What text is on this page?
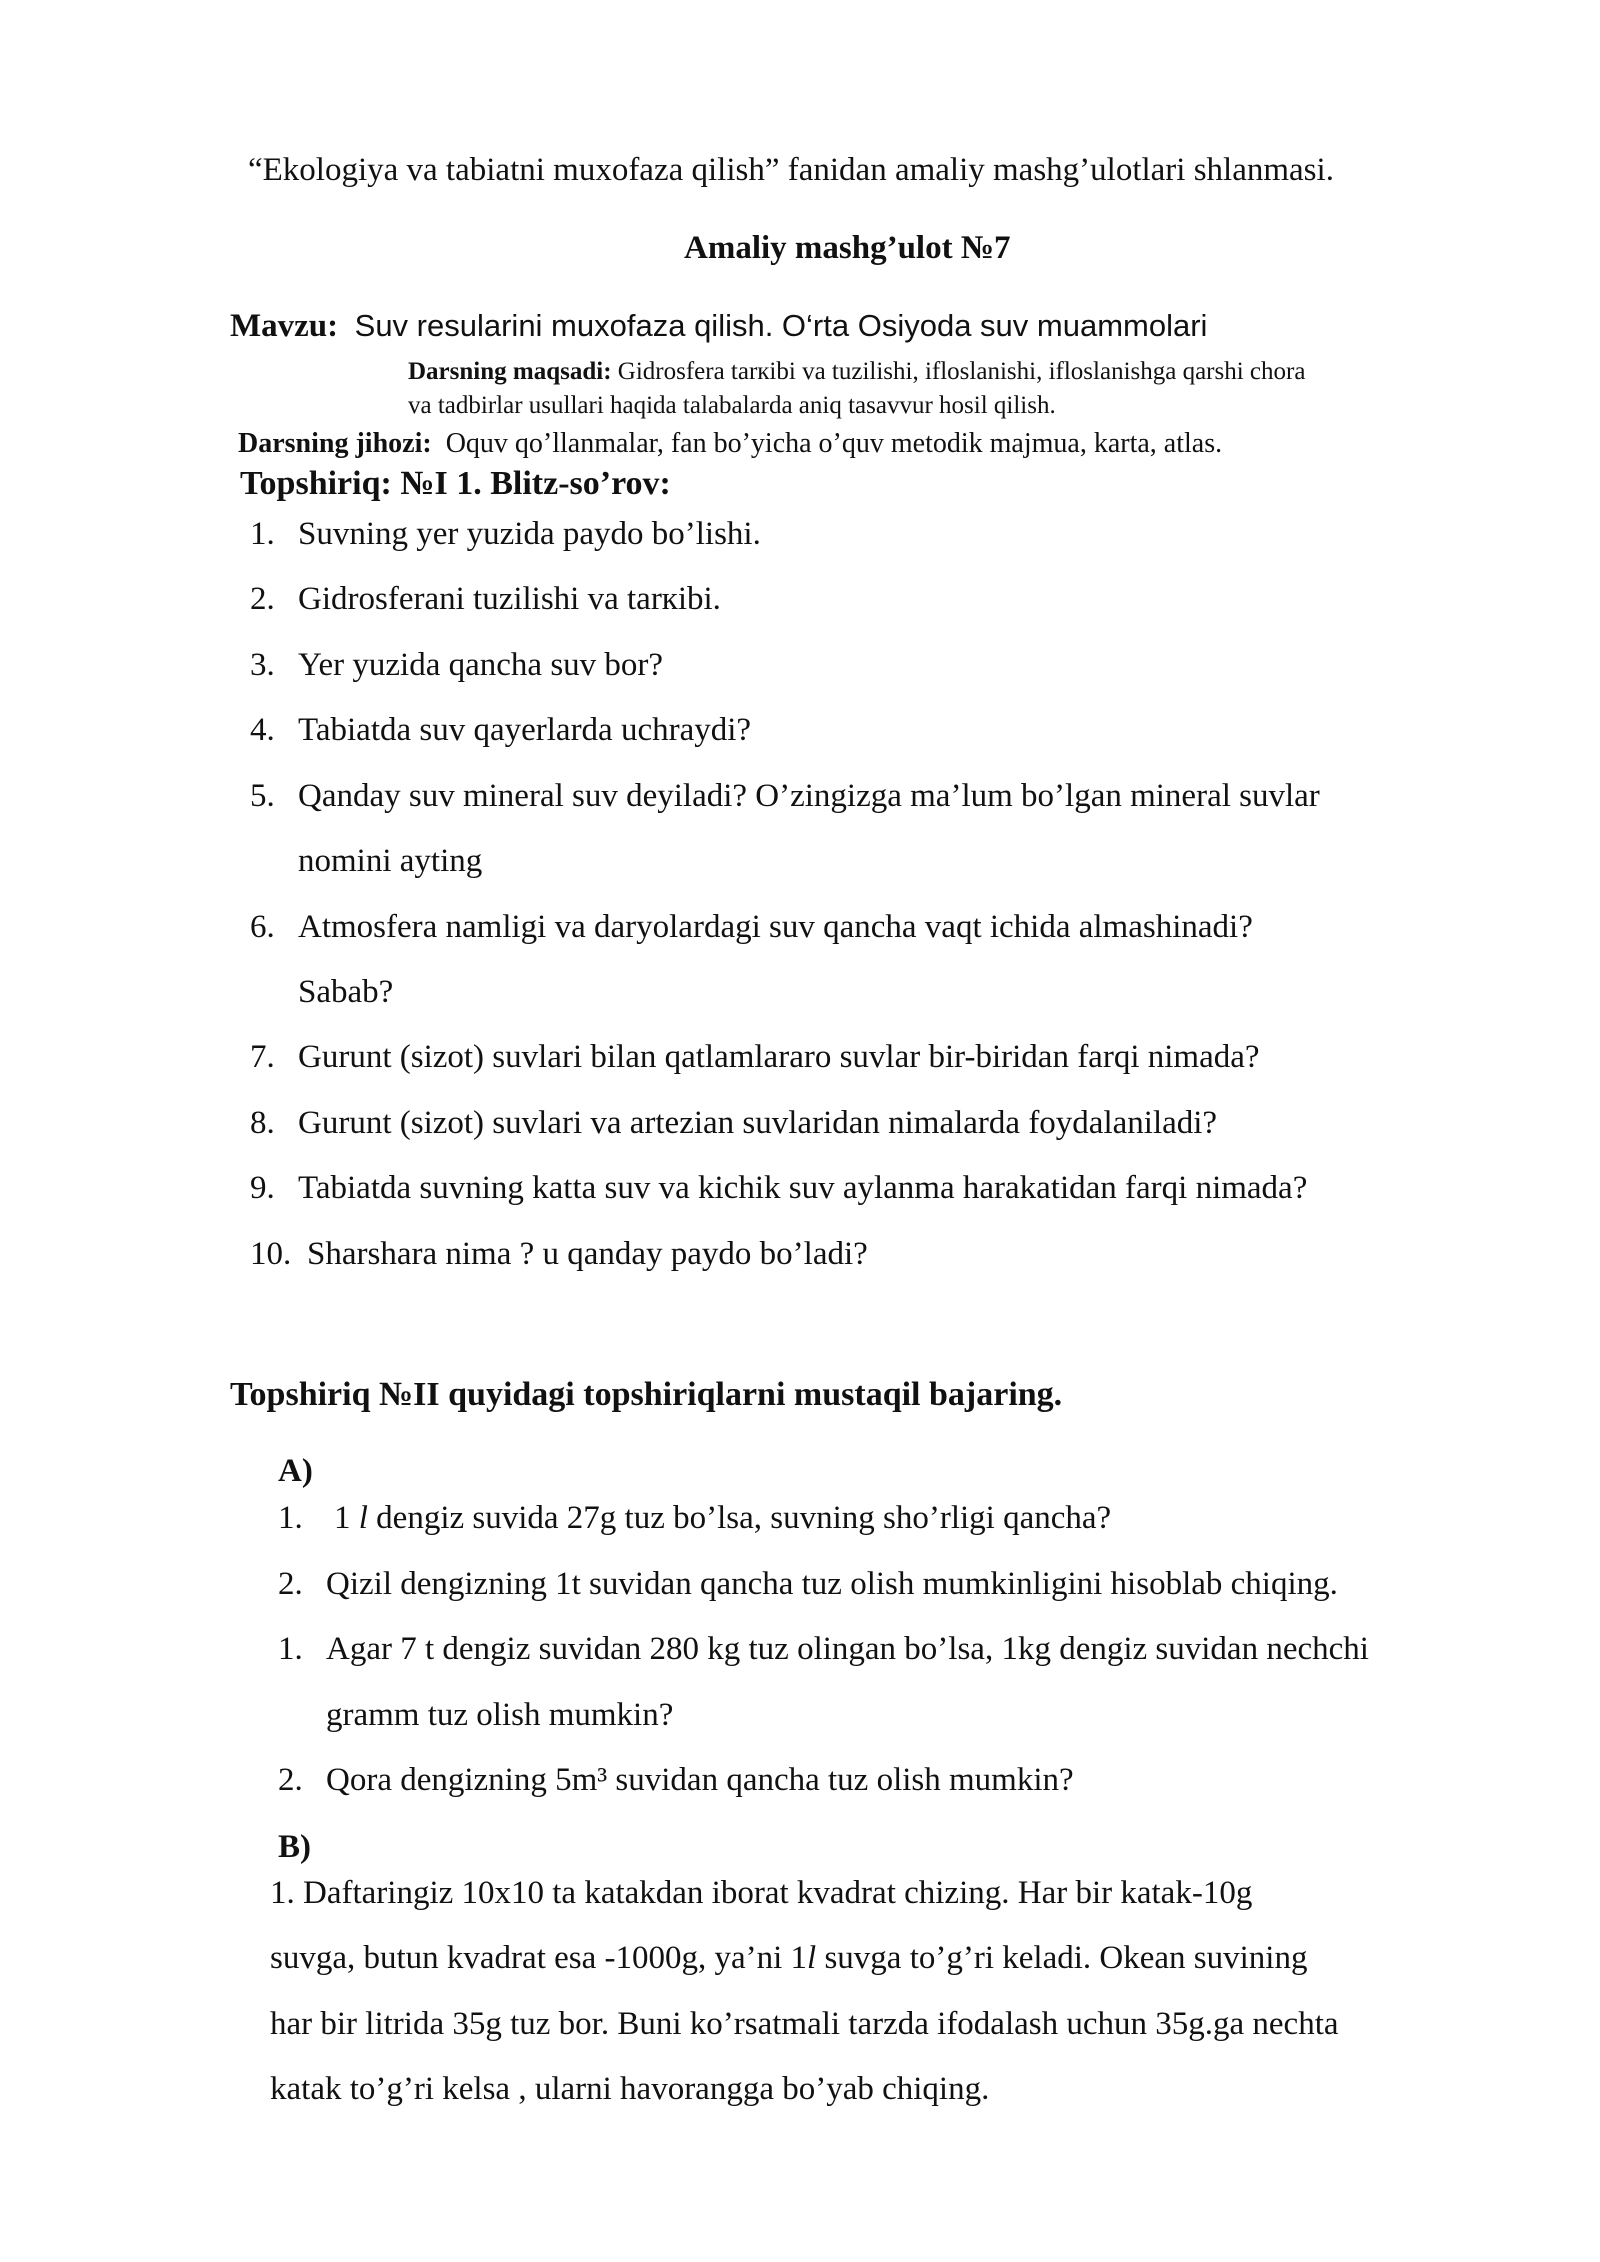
“Ekologiya va tabiatni muxofaza qilish” fanidan amaliy mashg’ulotlari shlanmasi.
Amaliy mashg’ulot №7
Mavzu: Suv resularini muxofaza qilish. O‘rta Osiyoda suv muammolari
Darsning maqsadi: Gidrosfera tarкibi va tuzilishi, ifloslanishi, ifloslanishga qarshi chora
va tadbirlar usullari haqida talabalarda aniq tasavvur hosil qilish.
Darsning jihozi: Oquv qo’llanmalar, fan bo’yicha o’quv metodik majmua, karta, atlas.
Topshiriq: №I 1. Blitz-so’rov:
1. Suvning yer yuzida paydo bo’lishi.
2. Gidrosferani tuzilishi va tarкibi.
3. Yer yuzida qancha suv bor?
4. Tabiatda suv qayerlarda uchraydi?
5. Qanday suv mineral suv deyiladi? O’zingizga ma’lum bo’lgan mineral suvlar
nomini ayting
6. Atmosfera namligi va daryolardagi suv qancha vaqt ichida almashinadi?
Sabab?
7. Gurunt (sizot) suvlari bilan qatlamlararo suvlar bir-biridan farqi nimada?
8. Gurunt (sizot) suvlari va artezian suvlaridan nimalarda foydalaniladi?
9. Tabiatda suvning katta suv va kichik suv aylanma harakatidan farqi nimada?
10. Sharshara nima ? u qanday paydo bo’ladi?
Topshiriq №II quyidagi topshiriqlarni mustaqil bajaring.
A)
1. 1 l dengiz suvida 27g tuz bo’lsa, suvning sho’rligi qancha?
2. Qizil dengizning 1t suvidan qancha tuz olish mumkinligini hisoblab chiqing.
1. Agar 7 t dengiz suvidan 280 kg tuz olingan bo’lsa, 1kg dengiz suvidan nechchi
gramm tuz olish mumkin?
2. Qora dengizning 5m³ suvidan qancha tuz olish mumkin?
B)
1. Daftaringiz 10x10 ta katakdan iborat kvadrat chizing. Har bir katak-10g
suvga, butun kvadrat esa -1000g, ya’ni 1l suvga to’g’ri keladi. Okean suvining
har bir litrida 35g tuz bor. Buni ko’rsatmali tarzda ifodalash uchun 35g.ga nechta
katak to’g’ri kelsa , ularni havorangga bo’yab chiqing.
